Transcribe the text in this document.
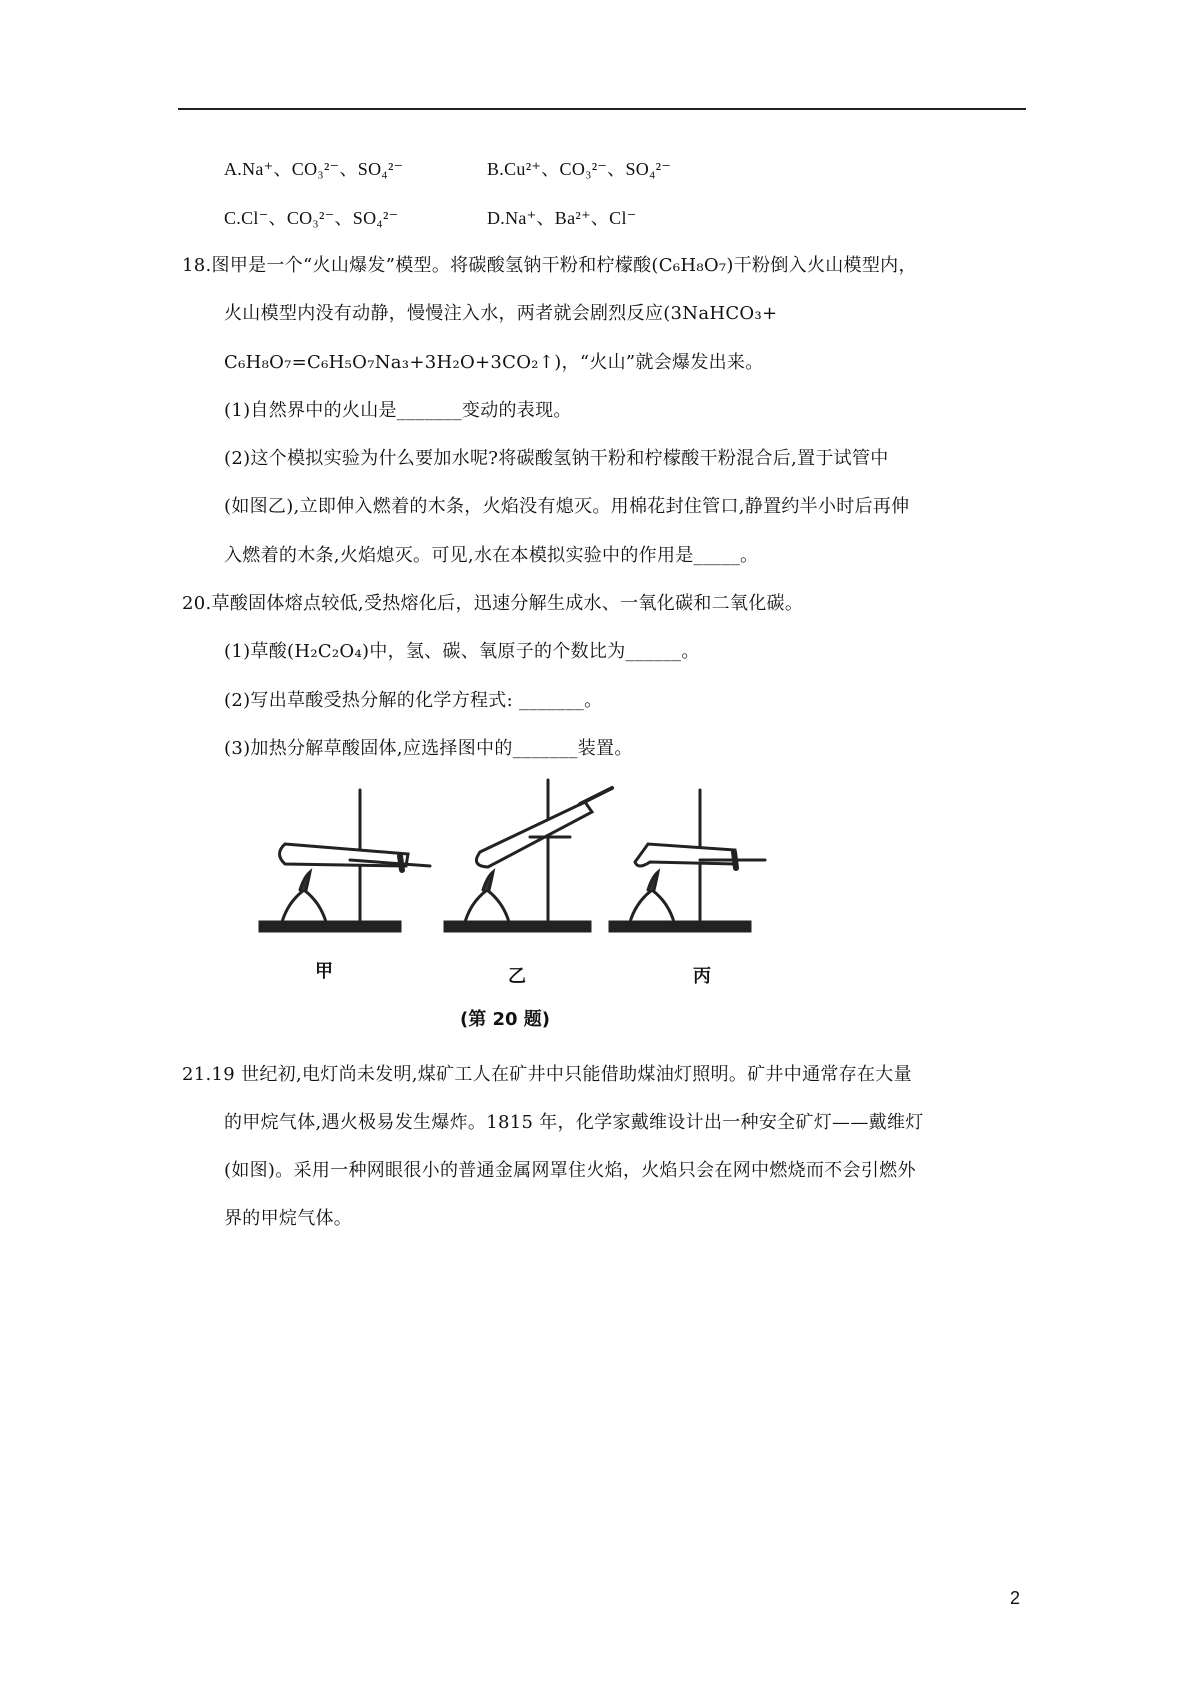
A.Na⁺、CO₃²⁻、SO₄²⁻	B.Cu²⁺、CO₃²⁻、SO₄²⁻
C.Cl⁻、CO₃²⁻、SO₄²⁻	D.Na⁺、Ba²⁺、Cl⁻
18.图甲是一个“火山爆发”模型。将碳酸氢钠干粉和柠檬酸(C₆H₈O₇)干粉倒入火山模型内，
火山模型内没有动静，慢慢注入水，两者就会剧烈反应(3NaHCO₃+
C₆H₈O₇=C₆H₅O₇Na₃+3H₂O+3CO₂↑)，“火山”就会爆发出来。
(1)自然界中的火山是_______变动的表现。
(2)这个模拟实验为什么要加水呢?将碳酸氢钠干粉和柠檬酸干粉混合后,置于试管中
(如图乙),立即伸入燃着的木条，火焰没有熄灭。用棉花封住管口,静置约半小时后再伸
入燃着的木条,火焰熄灭。可见,水在本模拟实验中的作用是_____。
20.草酸固体熔点较低,受热熔化后，迅速分解生成水、一氧化碳和二氧化碳。
(1)草酸(H₂C₂O₄)中，氢、碳、氧原子的个数比为______。
(2)写出草酸受热分解的化学方程式: _______。
(3)加热分解草酸固体,应选择图中的_______装置。
甲	乙	丙
(第 20 题)
21.19 世纪初,电灯尚未发明,煤矿工人在矿井中只能借助煤油灯照明。矿井中通常存在大量
的甲烷气体,遇火极易发生爆炸。1815 年，化学家戴维设计出一种安全矿灯——戴维灯
(如图)。采用一种网眼很小的普通金属网罩住火焰，火焰只会在网中燃烧而不会引燃外
界的甲烷气体。
2
